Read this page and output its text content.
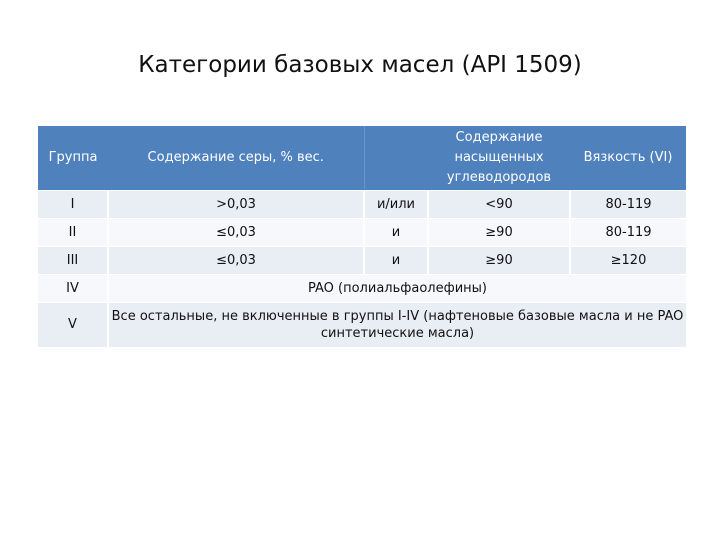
Категории базовых масел (API 1509)
Группа	Содержание серы, % вес.		Содержание насыщенных углеводородов	Вязкость (VI)
I	>0,03	и/или	<90	80-119
II	≤0,03	и	≥90	80-119
III	≤0,03	и	≥90	≥120
IV	PAO (полиальфаолефины)			
V	Все остальные, не включенные в группы I-IV (нафтеновые базовые масла и не PAO синтетические масла)			
